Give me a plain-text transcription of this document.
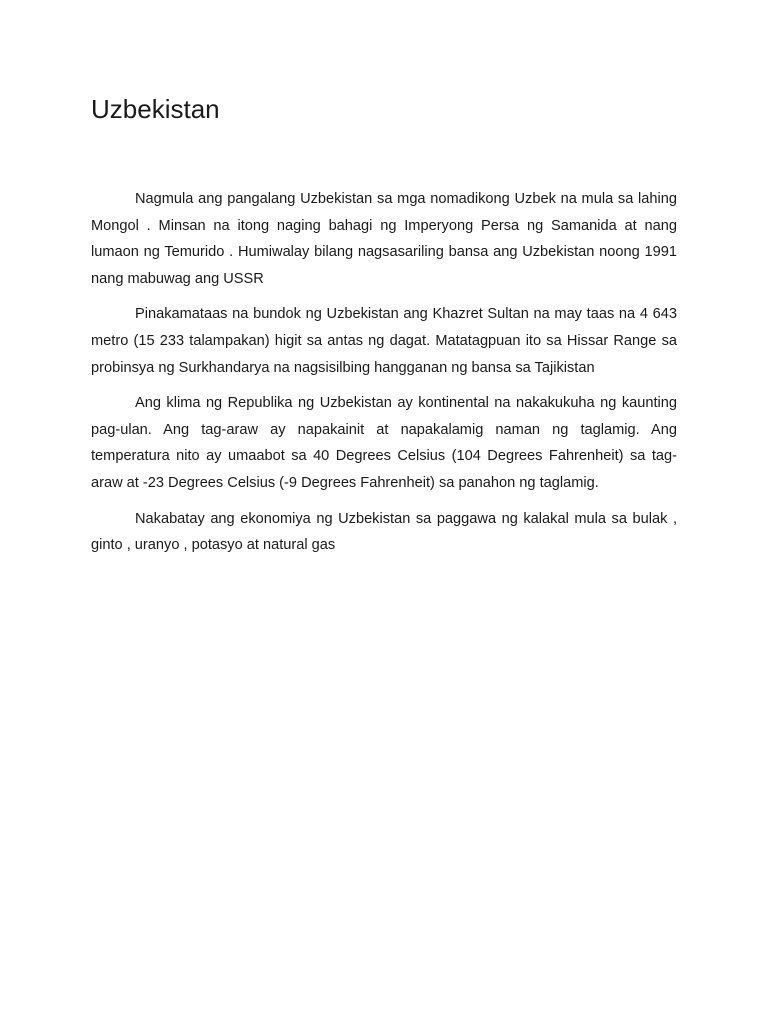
Uzbekistan

Nagmula ang pangalang Uzbekistan sa mga nomadikong Uzbek na mula sa lahing Mongol . Minsan na itong naging bahagi ng Imperyong Persa ng Samanida at nang lumaon ng Temurido . Humiwalay bilang nagsasariling bansa ang Uzbekistan noong 1991 nang mabuwag ang USSR

Pinakamataas na bundok ng Uzbekistan ang Khazret Sultan na may taas na 4 643 metro (15 233 talampakan) higit sa antas ng dagat. Matatagpuan ito sa Hissar Range sa probinsya ng Surkhandarya na nagsisilbing hangganan ng bansa sa Tajikistan

Ang klima ng Republika ng Uzbekistan ay kontinental na nakakukuha ng kaunting pag-ulan. Ang tag-araw ay napakainit at napakalamig naman ng taglamig. Ang temperatura nito ay umaabot sa 40 Degrees Celsius (104 Degrees Fahrenheit) sa tag-araw at -23 Degrees Celsius (-9 Degrees Fahrenheit) sa panahon ng taglamig.

Nakabatay ang ekonomiya ng Uzbekistan sa paggawa ng kalakal mula sa bulak , ginto , uranyo , potasyo at natural gas
